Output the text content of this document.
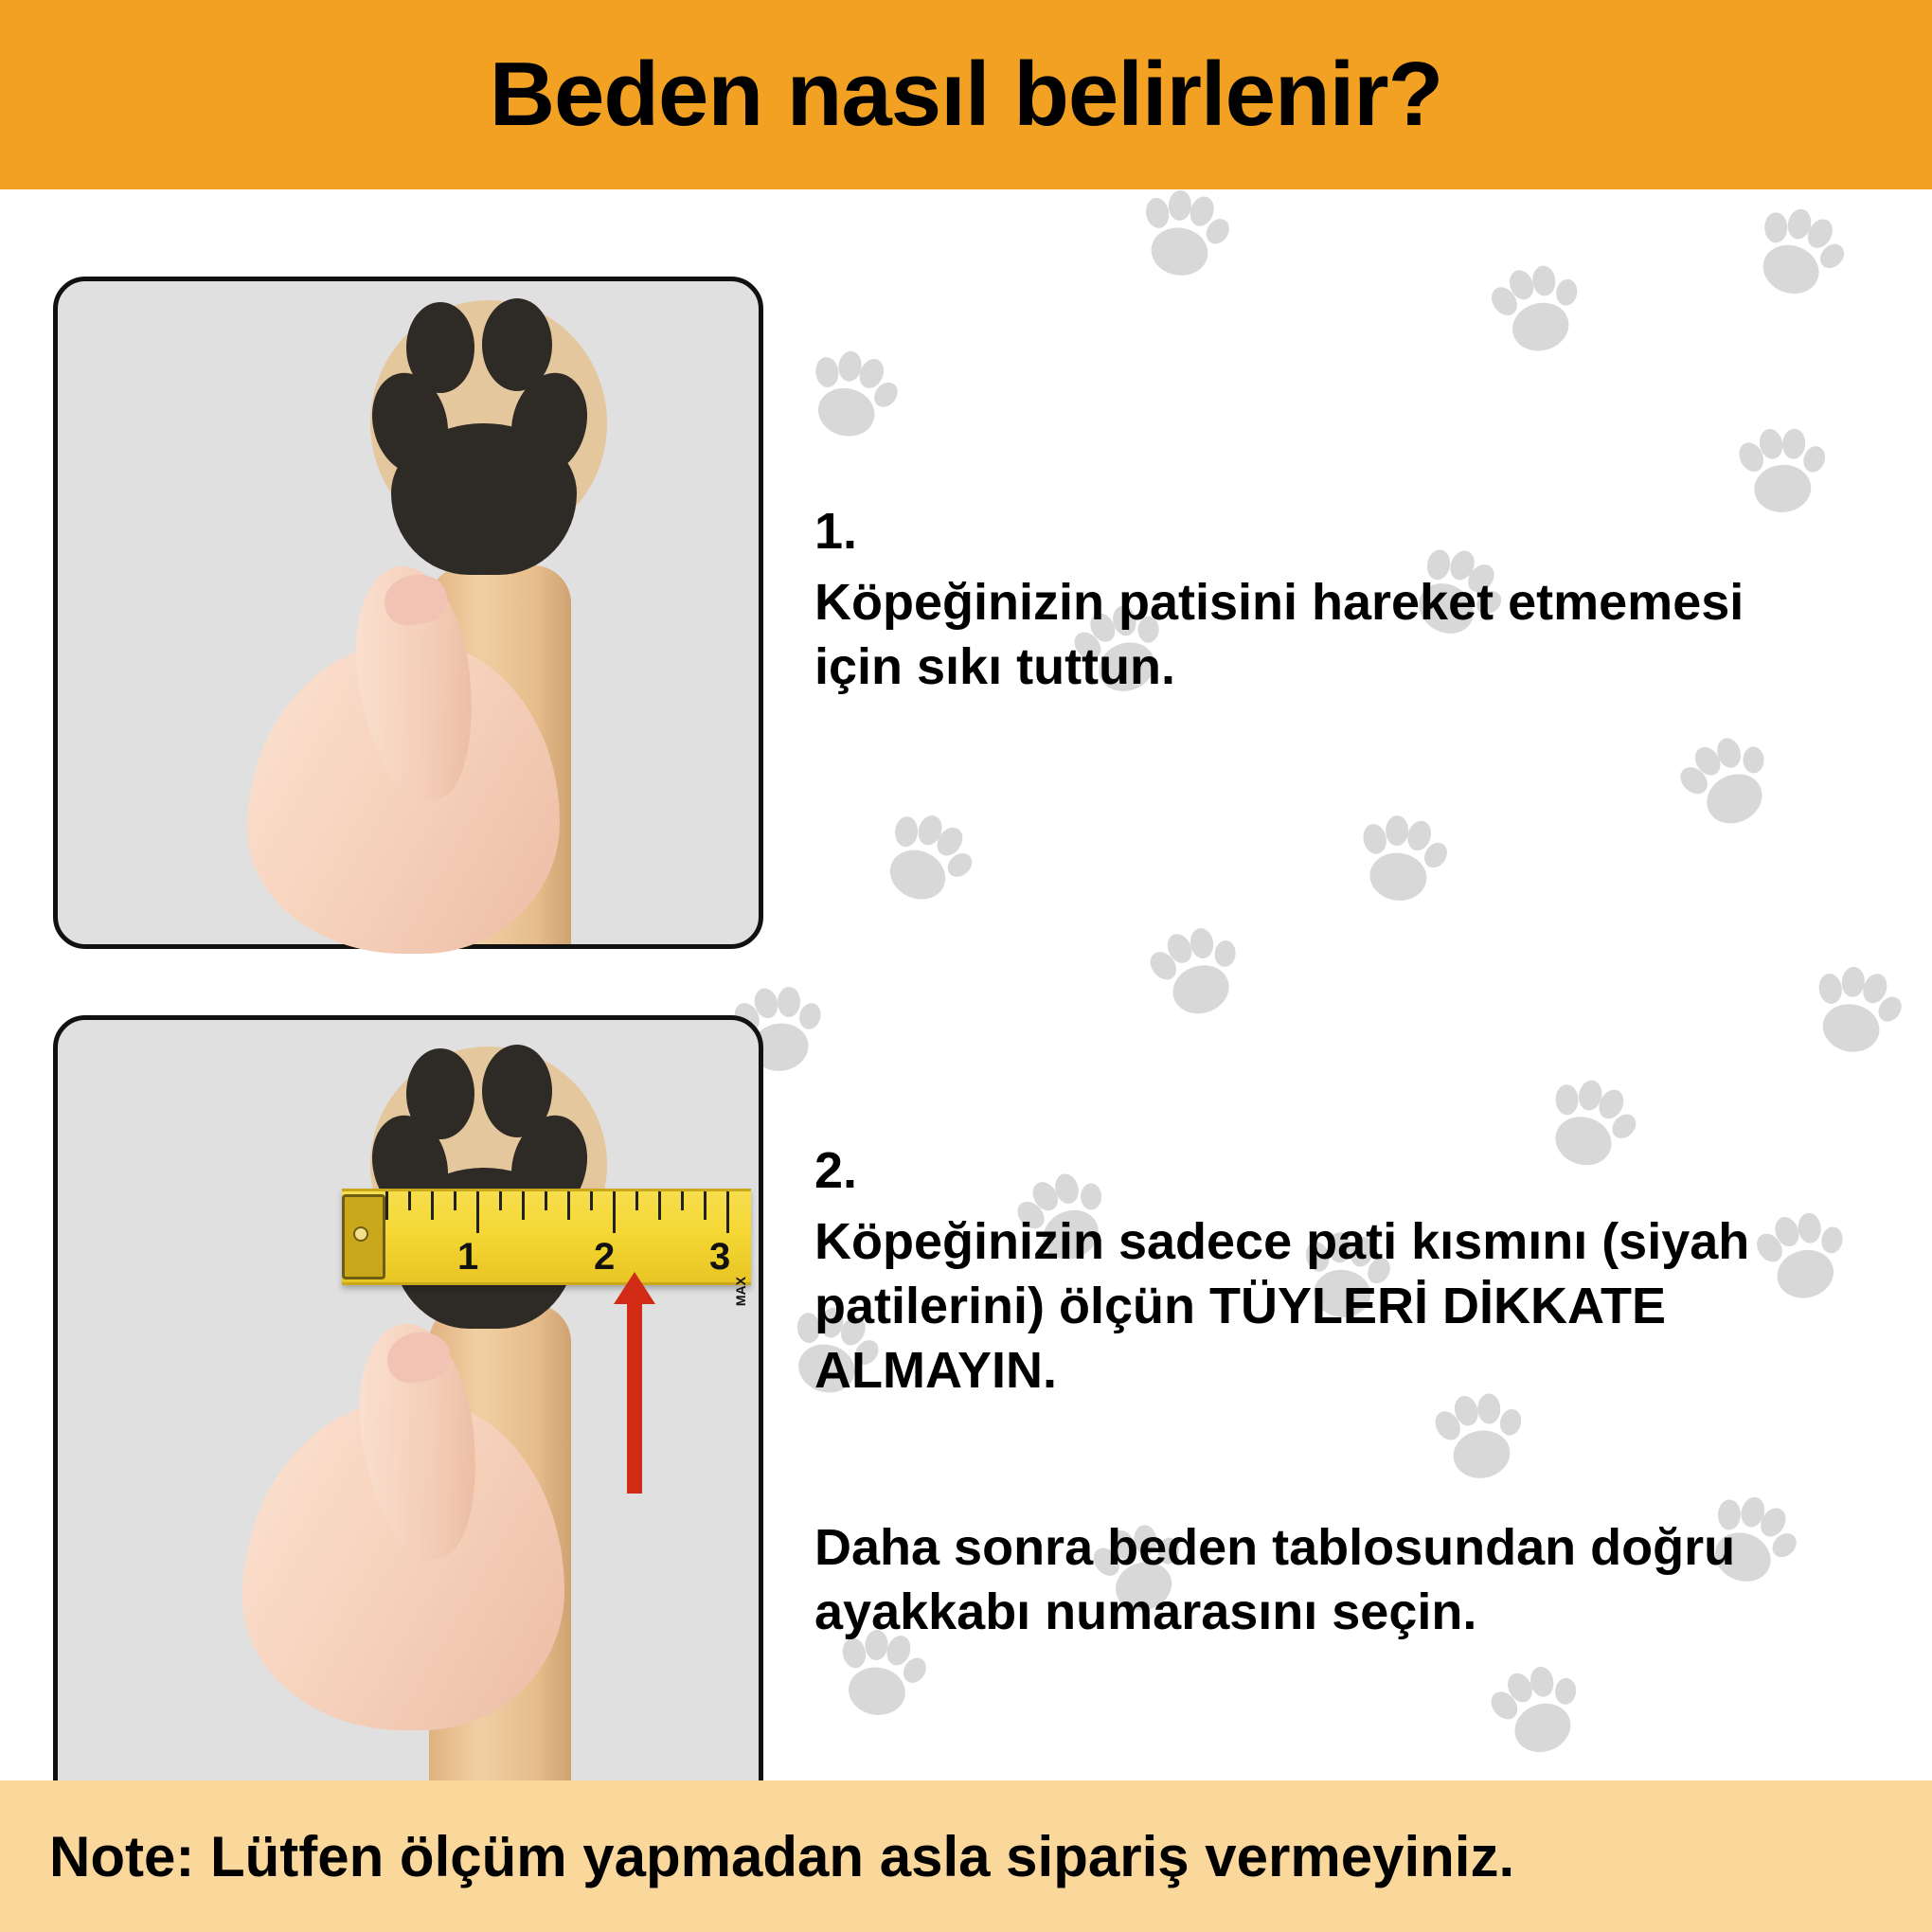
Beden nasıl belirlenir?
1	2 3
MAX
1.
Köpeğinizin patisini hareket etmemesi için sıkı tuttun.
2.
Köpeğinizin sadece pati kısmını (siyah patilerini) ölçün TÜYLERİ DİKKATE ALMAYIN.
Daha sonra beden tablosundan doğru ayakkabı numarasını seçin.
Note: Lütfen ölçüm yapmadan asla sipariş vermeyiniz.
